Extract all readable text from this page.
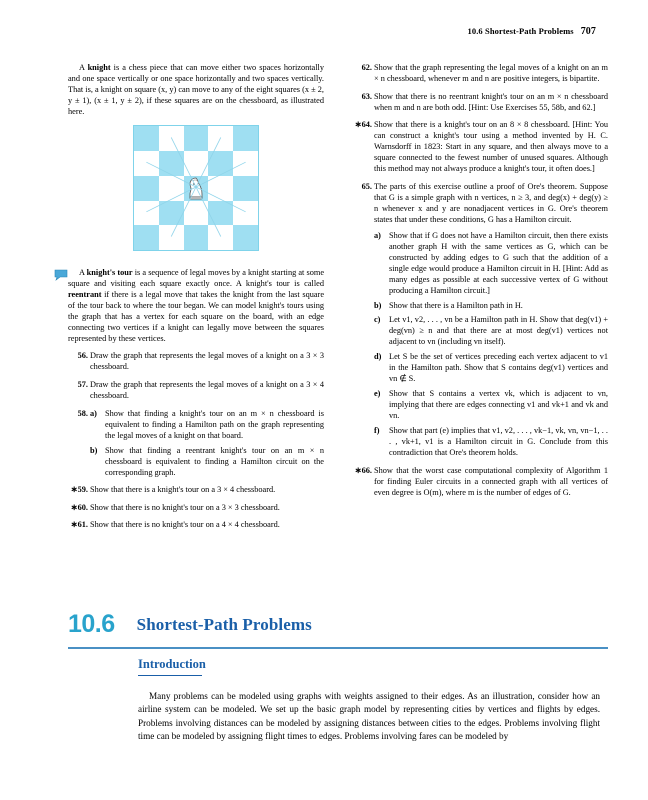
10.6 Shortest-Path Problems 707

A knight is a chess piece that can move either two spaces horizontally and one space vertically or one space horizontally and two spaces vertically. That is, a knight on square (x, y) can move to any of the eight squares (x ± 2, y ± 1), (x ± 1, y ± 2), if these squares are on the chessboard, as illustrated here.

A knight's tour is a sequence of legal moves by a knight starting at some square and visiting each square exactly once. A knight's tour is called reentrant if there is a legal move that takes the knight from the last square of the tour back to where the tour began. We can model knight's tours using the graph that has a vertex for each square on the board, with an edge connecting two vertices if a knight can legally move between the squares represented by these vertices.

56. Draw the graph that represents the legal moves of a knight on a 3 × 3 chessboard.
57. Draw the graph that represents the legal moves of a knight on a 3 × 4 chessboard.
58. a) Show that finding a knight's tour on an m × n chessboard is equivalent to finding a Hamilton path on the graph representing the legal moves of a knight on that board.
b) Show that finding a reentrant knight's tour on an m × n chessboard is equivalent to finding a Hamilton circuit on the corresponding graph.
∗59. Show that there is a knight's tour on a 3 × 4 chessboard.
∗60. Show that there is no knight's tour on a 3 × 3 chessboard.
∗61. Show that there is no knight's tour on a 4 × 4 chessboard.
62. Show that the graph representing the legal moves of a knight on an m × n chessboard, whenever m and n are positive integers, is bipartite.
63. Show that there is no reentrant knight's tour on an m × n chessboard when m and n are both odd. [Hint: Use Exercises 55, 58b, and 62.]
∗64. Show that there is a knight's tour on an 8 × 8 chessboard. [Hint: You can construct a knight's tour using a method invented by H. C. Warnsdorff in 1823: Start in any square, and then always move to a square connected to the fewest number of unused squares. Although this method may not always produce a knight's tour, it often does.]
65. The parts of this exercise outline a proof of Ore's theorem. Suppose that G is a simple graph with n vertices, n ≥ 3, and deg(x) + deg(y) ≥ n whenever x and y are nonadjacent vertices in G. Ore's theorem states that under these conditions, G has a Hamilton circuit.
a) Show that if G does not have a Hamilton circuit, then there exists another graph H with the same vertices as G, which can be constructed by adding edges to G such that the addition of a single edge would produce a Hamilton circuit in H. [Hint: Add as many edges as possible at each successive vertex of G without producing a Hamilton circuit.]
b) Show that there is a Hamilton path in H.
c)	Let v1, v2, . . . , vn be a Hamilton path in H. Show that deg(v1) + deg(vn) ≥ n and that there are at most deg(v1) vertices not adjacent to vn (including vn itself).
d) Let S be the set of vertices preceding each vertex adjacent to v1 in the Hamilton path. Show that S contains deg(v1) vertices and vn ∉ S.
e)	Show that S contains a vertex vk, which is adjacent to vn, implying that there are edges connecting v1 and vk+1 and vk and vn.
f)	Show that part (e) implies that v1, v2, . . . , vk−1, vk, vn, vn−1, . . . , vk+1, v1 is a Hamilton circuit in G. Conclude from this contradiction that Ore's theorem holds.
∗66. Show that the worst case computational complexity of Algorithm 1 for finding Euler circuits in a connected graph with all vertices of even degree is O(m), where m is the number of edges of G.
10.6 Shortest-Path Problems
Introduction

Many problems can be modeled using graphs with weights assigned to their edges. As an illustration, consider how an airline system can be modeled. We set up the basic graph model by representing cities by vertices and flights by edges. Problems involving distances can be modeled by assigning distances between cities to the edges. Problems involving flight time can be modeled by assigning flight times to edges. Problems involving fares can be modeled by
